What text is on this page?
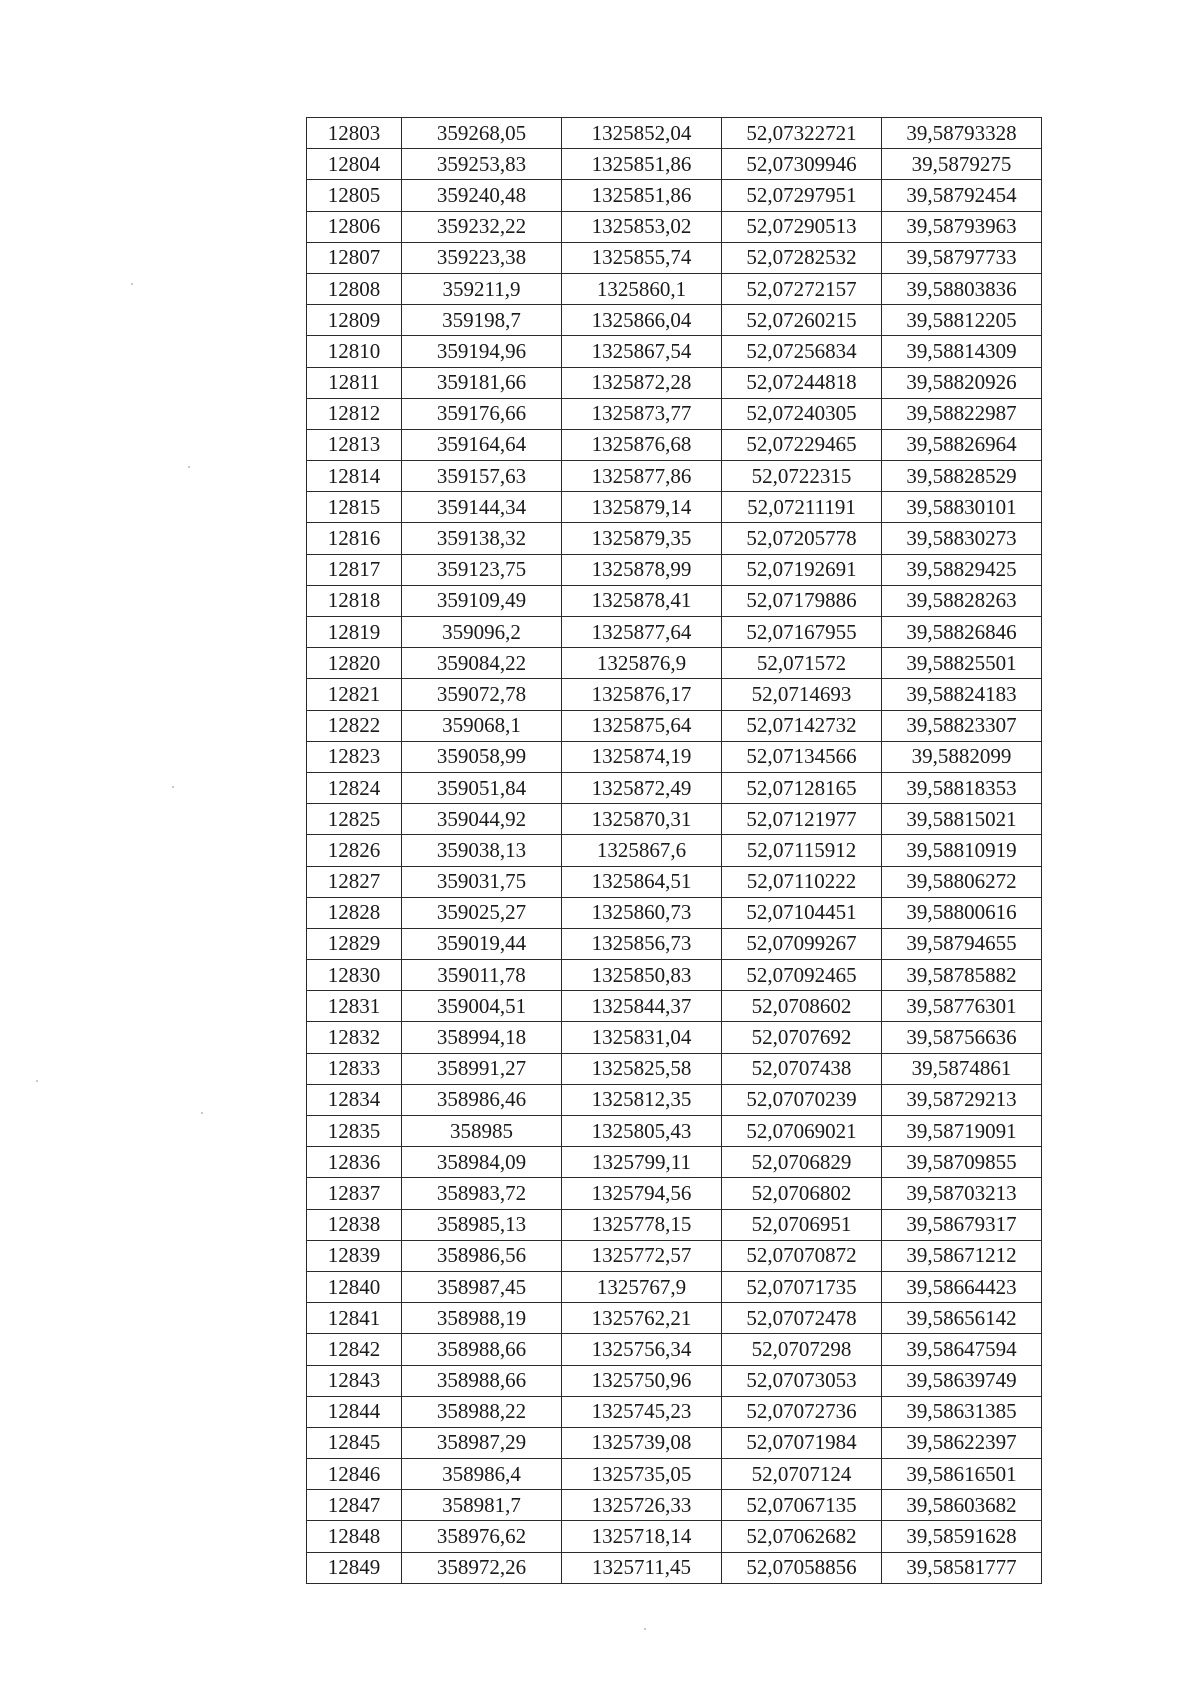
12803	359268,05	1325852,04	52,07322721	39,58793328
12804	359253,83	1325851,86	52,07309946	39,5879275
12805	359240,48	1325851,86	52,07297951	39,58792454
12806	359232,22	1325853,02	52,07290513	39,58793963
12807	359223,38	1325855,74	52,07282532	39,58797733
12808	359211,9	1325860,1	52,07272157	39,58803836
12809	359198,7	1325866,04	52,07260215	39,58812205
12810	359194,96	1325867,54	52,07256834	39,58814309
12811	359181,66	1325872,28	52,07244818	39,58820926
12812	359176,66	1325873,77	52,07240305	39,58822987
12813	359164,64	1325876,68	52,07229465	39,58826964
12814	359157,63	1325877,86	52,0722315	39,58828529
12815	359144,34	1325879,14	52,07211191	39,58830101
12816	359138,32	1325879,35	52,07205778	39,58830273
12817	359123,75	1325878,99	52,07192691	39,58829425
12818	359109,49	1325878,41	52,07179886	39,58828263
12819	359096,2	1325877,64	52,07167955	39,58826846
12820	359084,22	1325876,9	52,071572	39,58825501
12821	359072,78	1325876,17	52,0714693	39,58824183
12822	359068,1	1325875,64	52,07142732	39,58823307
12823	359058,99	1325874,19	52,07134566	39,5882099
12824	359051,84	1325872,49	52,07128165	39,58818353
12825	359044,92	1325870,31	52,07121977	39,58815021
12826	359038,13	1325867,6	52,07115912	39,58810919
12827	359031,75	1325864,51	52,07110222	39,58806272
12828	359025,27	1325860,73	52,07104451	39,58800616
12829	359019,44	1325856,73	52,07099267	39,58794655
12830	359011,78	1325850,83	52,07092465	39,58785882
12831	359004,51	1325844,37	52,0708602	39,58776301
12832	358994,18	1325831,04	52,0707692	39,58756636
12833	358991,27	1325825,58	52,0707438	39,5874861
12834	358986,46	1325812,35	52,07070239	39,58729213
12835	358985	1325805,43	52,07069021	39,58719091
12836	358984,09	1325799,11	52,0706829	39,58709855
12837	358983,72	1325794,56	52,0706802	39,58703213
12838	358985,13	1325778,15	52,0706951	39,58679317
12839	358986,56	1325772,57	52,07070872	39,58671212
12840	358987,45	1325767,9	52,07071735	39,58664423
12841	358988,19	1325762,21	52,07072478	39,58656142
12842	358988,66	1325756,34	52,0707298	39,58647594
12843	358988,66	1325750,96	52,07073053	39,58639749
12844	358988,22	1325745,23	52,07072736	39,58631385
12845	358987,29	1325739,08	52,07071984	39,58622397
12846	358986,4	1325735,05	52,0707124	39,58616501
12847	358981,7	1325726,33	52,07067135	39,58603682
12848	358976,62	1325718,14	52,07062682	39,58591628
12849	358972,26	1325711,45	52,07058856	39,58581777
